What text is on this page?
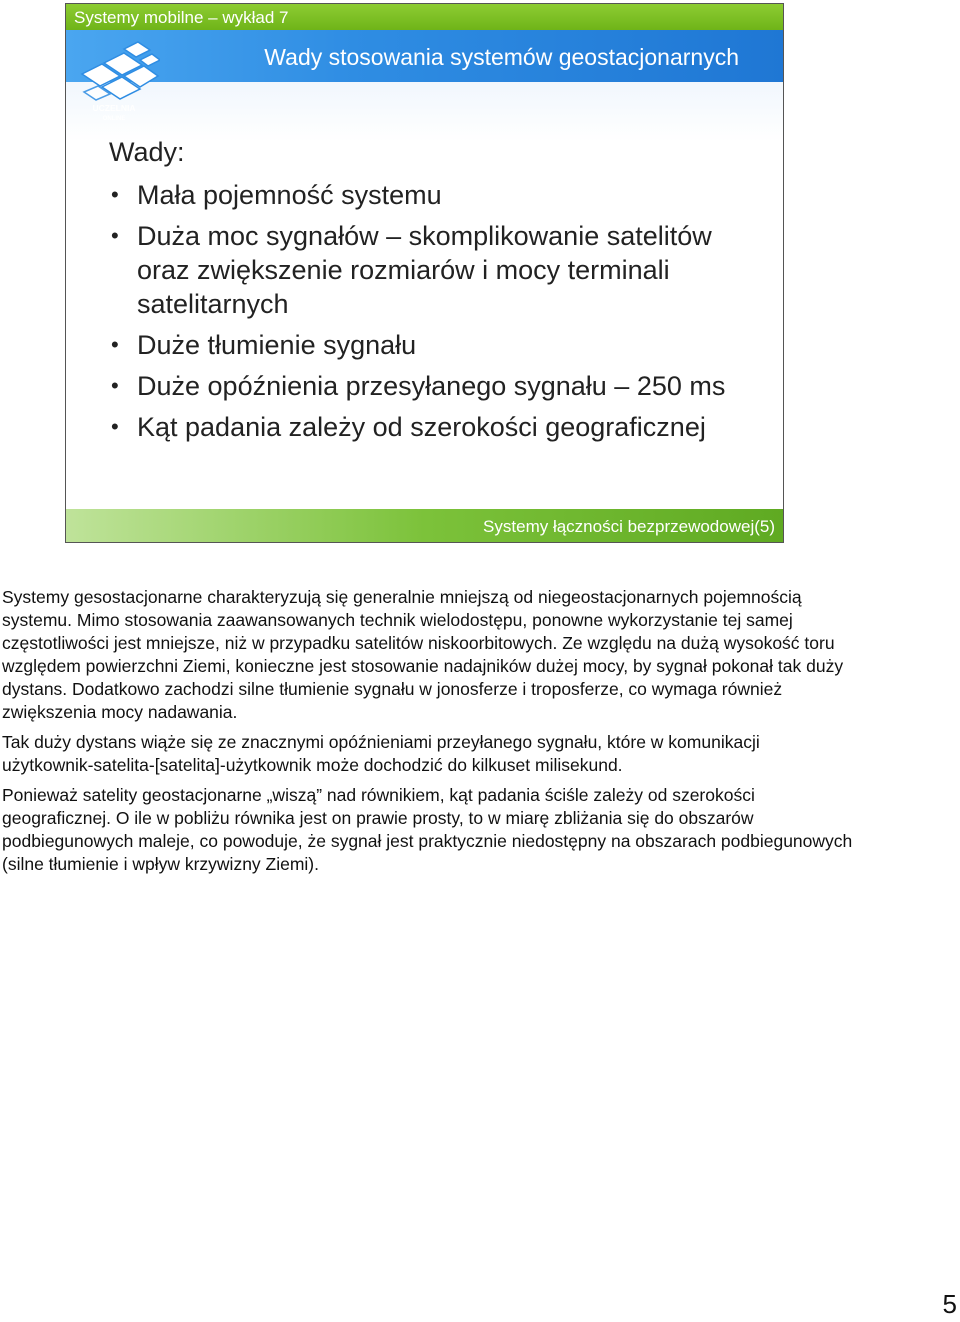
Systemy mobilne – wykład 7
Wady stosowania systemów geostacjonarnych
UCZELNIA
ONLINE
Wady:
• Mała pojemność systemu
• Duża moc sygnałów – skomplikowanie satelitów oraz zwiększenie rozmiarów i mocy terminali satelitarnych
• Duże tłumienie sygnału
• Duże opóźnienia przesyłanego sygnału – 250 ms
• Kąt padania zależy od szerokości geograficznej
Systemy łączności bezprzewodowej(5)

Systemy gesostacjonarne charakteryzują się generalnie mniejszą od niegeostacjonarnych pojemnością systemu. Mimo stosowania zaawansowanych technik wielodostępu, ponowne wykorzystanie tej samej częstotliwości jest mniejsze, niż w przypadku satelitów niskoorbitowych. Ze względu na dużą wysokość toru względem powierzchni Ziemi, konieczne jest stosowanie nadajników dużej mocy, by sygnał pokonał tak duży dystans. Dodatkowo zachodzi silne tłumienie sygnału w jonosferze i troposferze, co wymaga również zwiększenia mocy nadawania.

Tak duży dystans wiąże się ze znacznymi opóźnieniami przeyłanego sygnału, które w komunikacji użytkownik-satelita-[satelita]-użytkownik może dochodzić do kilkuset milisekund.

Ponieważ satelity geostacjonarne „wiszą” nad równikiem, kąt padania ściśle zależy od szerokości geograficznej. O ile w pobliżu równika jest on prawie prosty, to w miarę zbliżania się do obszarów podbiegunowych maleje, co powoduje, że sygnał jest praktycznie niedostępny na obszarach podbiegunowych (silne tłumienie i wpływ krzywizny Ziemi).

5
